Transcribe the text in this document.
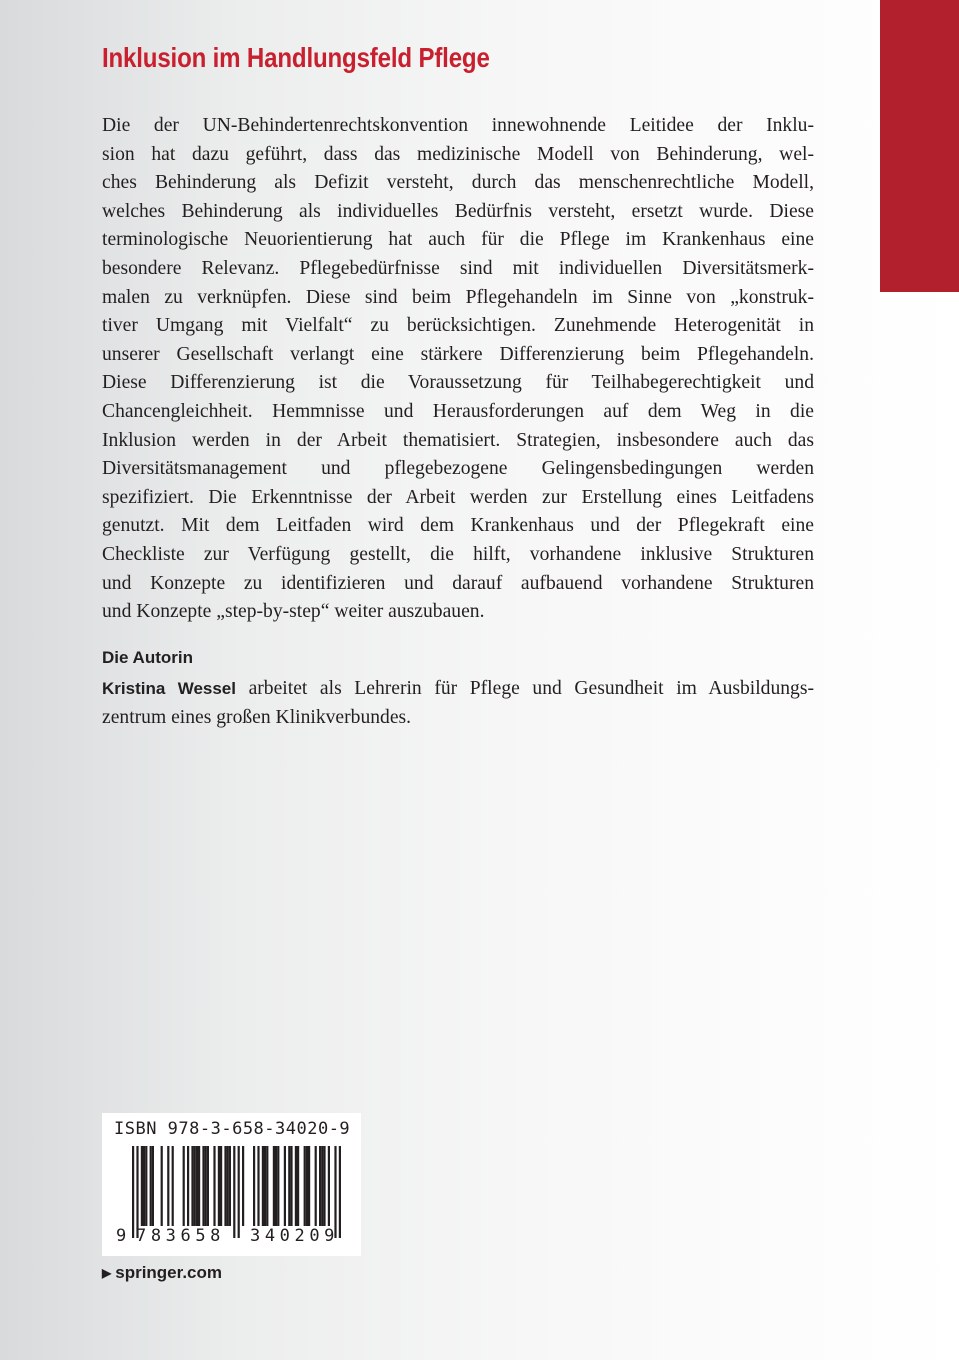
Inklusion im Handlungsfeld Pflege
Die der UN-Behindertenrechtskonvention innewohnende Leitidee der Inklu-
sion hat dazu geführt, dass das medizinische Modell von Behinderung, wel-
ches Behinderung als Defizit versteht, durch das menschenrechtliche Modell,
welches Behinderung als individuelles Bedürfnis versteht, ersetzt wurde. Diese
terminologische Neuorientierung hat auch für die Pflege im Krankenhaus eine
besondere Relevanz. Pflegebedürfnisse sind mit individuellen Diversitätsmerk-
malen zu verknüpfen. Diese sind beim Pflegehandeln im Sinne von „konstruk-
tiver Umgang mit Vielfalt“ zu berücksichtigen. Zunehmende Heterogenität in
unserer Gesellschaft verlangt eine stärkere Differenzierung beim Pflegehandeln.
Diese Differenzierung ist die Voraussetzung für Teilhabegerechtigkeit und
Chancengleichheit. Hemmnisse und Herausforderungen auf dem Weg in die
Inklusion werden in der Arbeit thematisiert. Strategien, insbesondere auch das
Diversitätsmanagement und pflegebezogene Gelingensbedingungen werden
spezifiziert. Die Erkenntnisse der Arbeit werden zur Erstellung eines Leitfadens
genutzt. Mit dem Leitfaden wird dem Krankenhaus und der Pflegekraft eine
Checkliste zur Verfügung gestellt, die hilft, vorhandene inklusive Strukturen
und Konzepte zu identifizieren und darauf aufbauend vorhandene Strukturen
und Konzepte „step-by-step“ weiter auszubauen.
Die Autorin
Kristina Wessel arbeitet als Lehrerin für Pflege und Gesundheit im Ausbildungs-
zentrum eines großen Klinikverbundes.
ISBN 978-3-658-34020-9
9 783658 340209
▶ springer.com
